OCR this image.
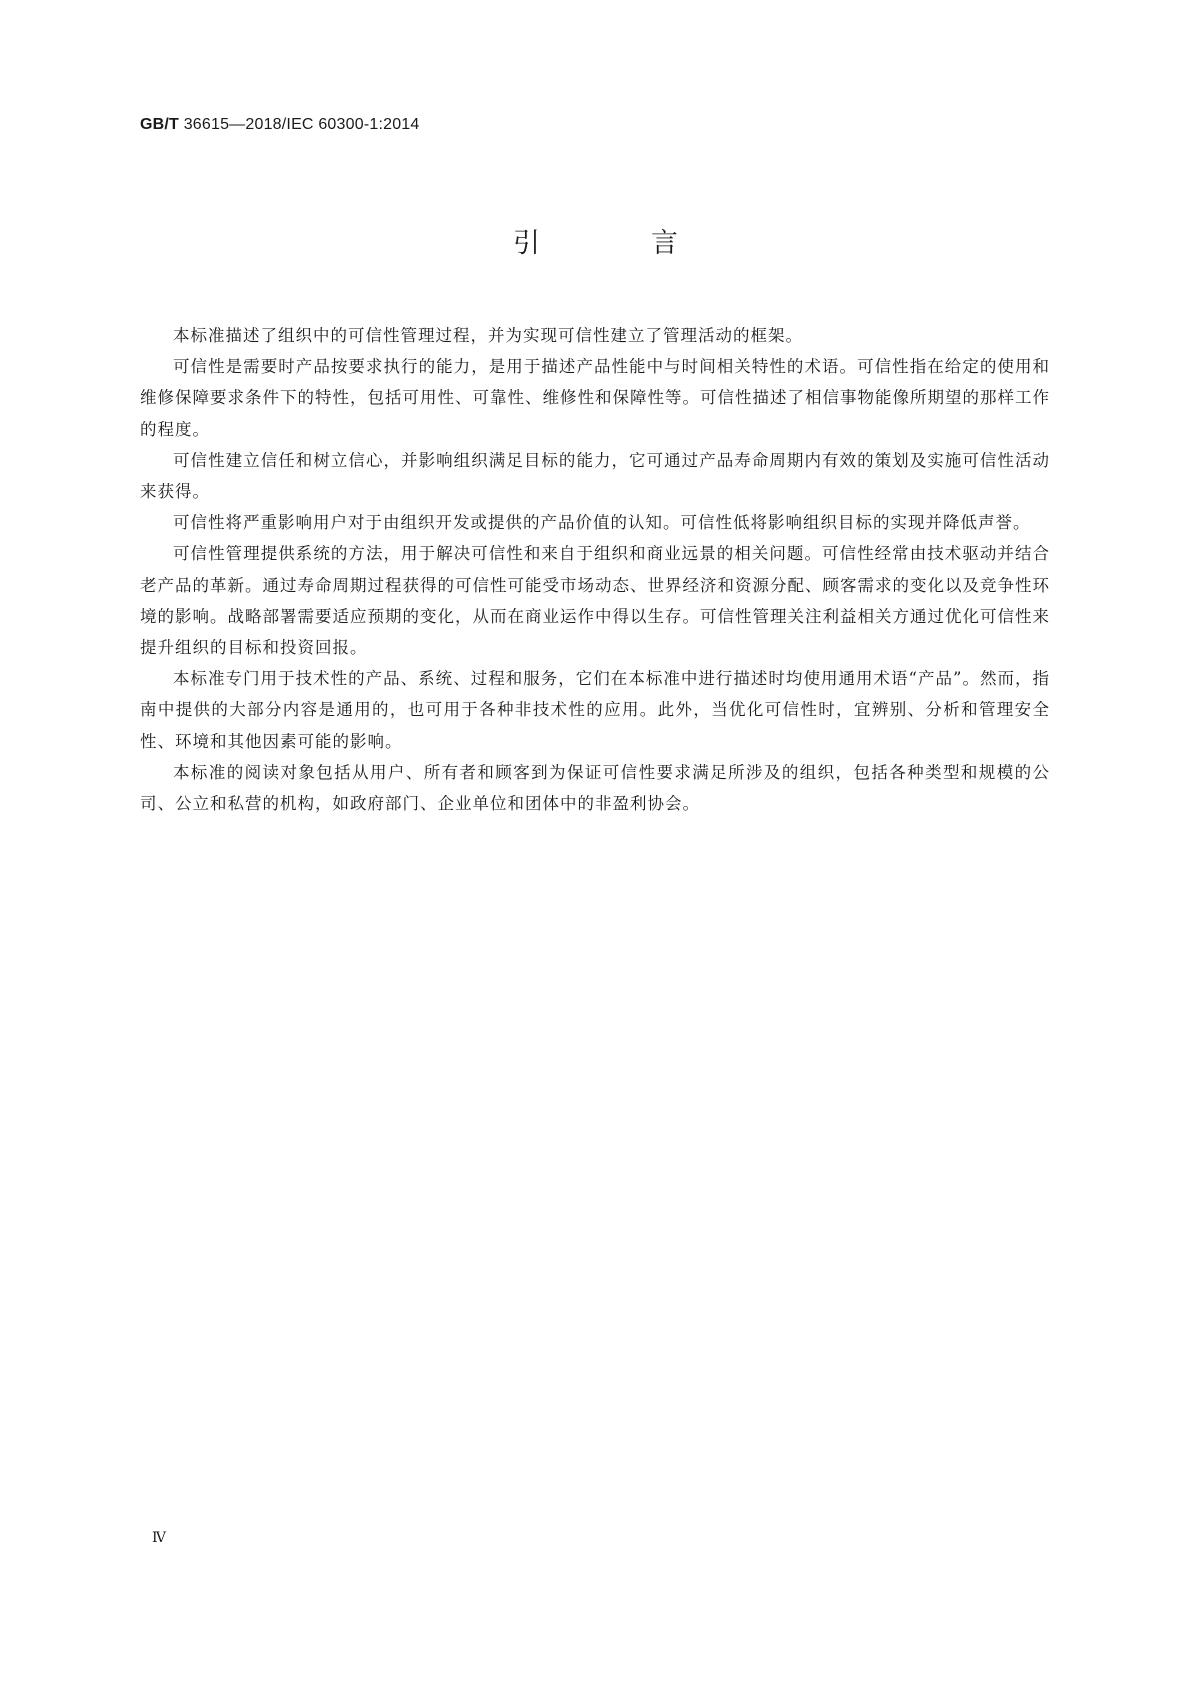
GB/T 36615—2018/IEC 60300-1:2014
引　言

本标准描述了组织中的可信性管理过程，并为实现可信性建立了管理活动的框架。

可信性是需要时产品按要求执行的能力，是用于描述产品性能中与时间相关特性的术语。可信性指在给定的使用和维修保障要求条件下的特性，包括可用性、可靠性、维修性和保障性等。可信性描述了相信事物能像所期望的那样工作的程度。

可信性建立信任和树立信心，并影响组织满足目标的能力，它可通过产品寿命周期内有效的策划及实施可信性活动来获得。

可信性将严重影响用户对于由组织开发或提供的产品价值的认知。可信性低将影响组织目标的实现并降低声誉。

可信性管理提供系统的方法，用于解决可信性和来自于组织和商业远景的相关问题。可信性经常由技术驱动并结合老产品的革新。通过寿命周期过程获得的可信性可能受市场动态、世界经济和资源分配、顾客需求的变化以及竞争性环境的影响。战略部署需要适应预期的变化，从而在商业运作中得以生存。可信性管理关注利益相关方通过优化可信性来提升组织的目标和投资回报。

本标准专门用于技术性的产品、系统、过程和服务，它们在本标准中进行描述时均使用通用术语“产品”。然而，指南中提供的大部分内容是通用的，也可用于各种非技术性的应用。此外，当优化可信性时，宜辨别、分析和管理安全性、环境和其他因素可能的影响。

本标准的阅读对象包括从用户、所有者和顾客到为保证可信性要求满足所涉及的组织，包括各种类型和规模的公司、公立和私营的机构，如政府部门、企业单位和团体中的非盈利协会。

Ⅳ
